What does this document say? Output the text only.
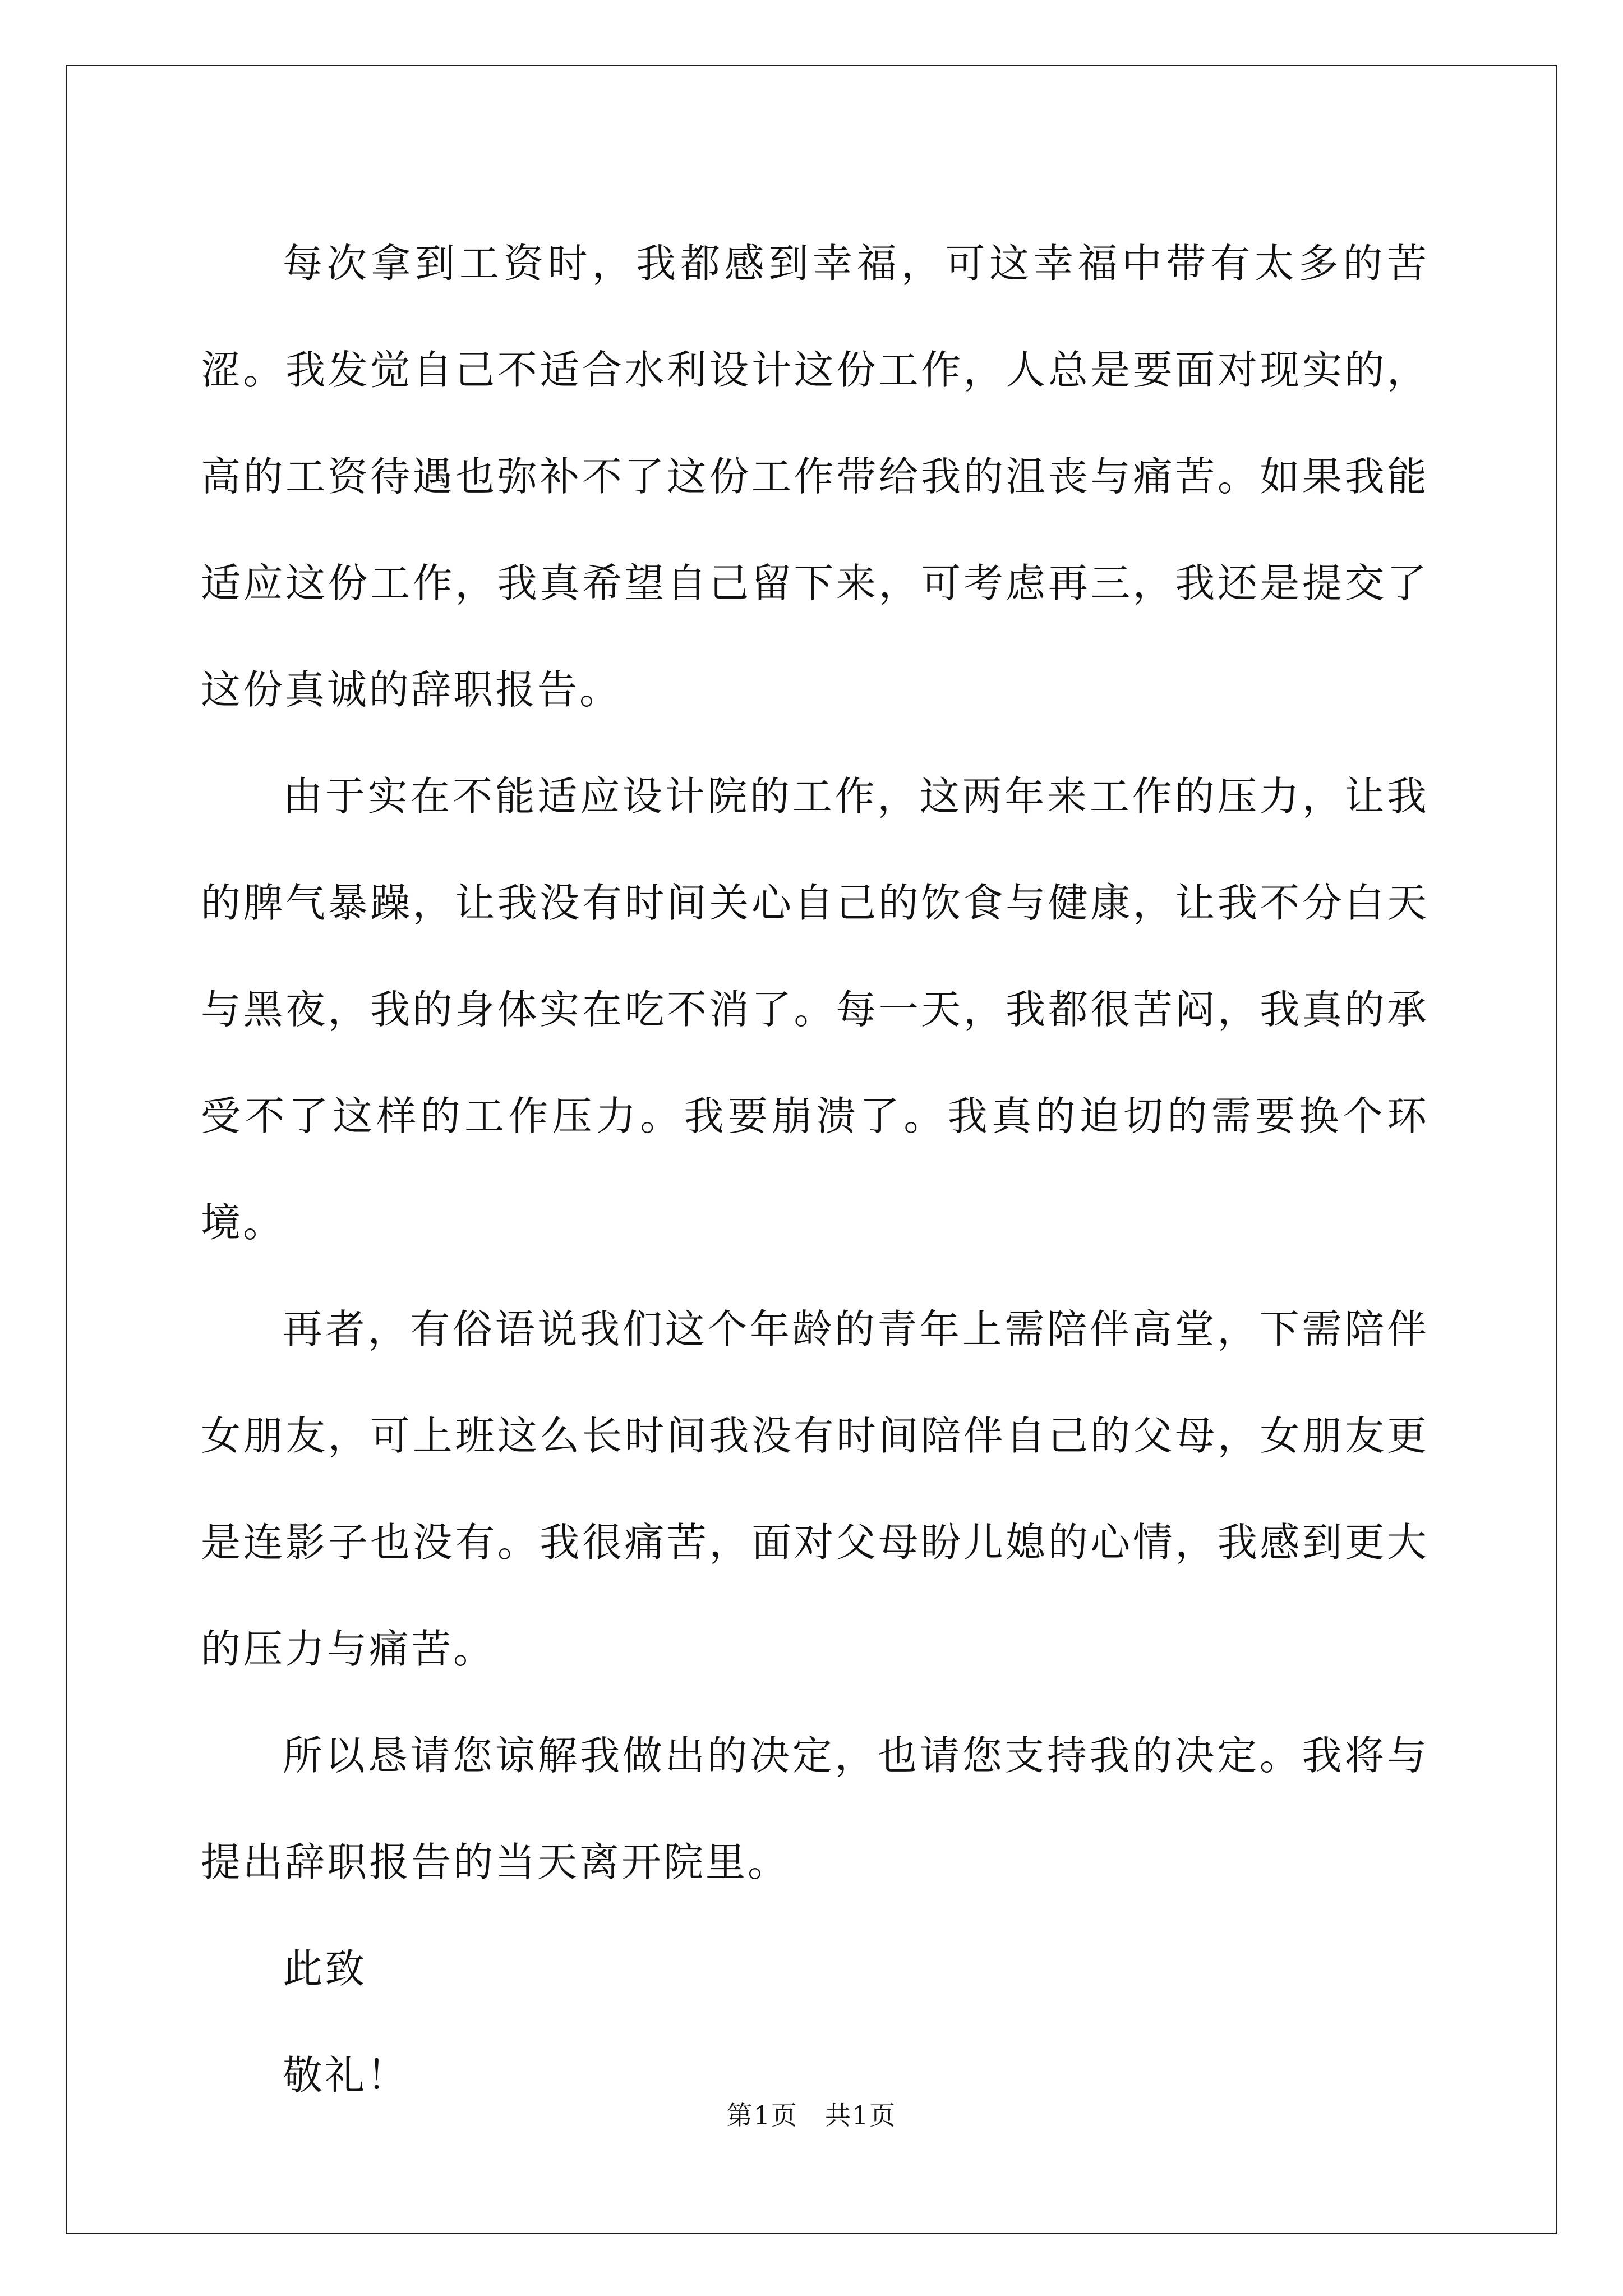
每次拿到工资时，我都感到幸福，可这幸福中带有太多的苦涩。我发觉自己不适合水利设计这份工作，人总是要面对现实的，高的工资待遇也弥补不了这份工作带给我的沮丧与痛苦。如果我能适应这份工作，我真希望自己留下来，可考虑再三，我还是提交了这份真诚的辞职报告。

由于实在不能适应设计院的工作，这两年来工作的压力，让我的脾气暴躁，让我没有时间关心自己的饮食与健康，让我不分白天与黑夜，我的身体实在吃不消了。每一天，我都很苦闷，我真的承受不了这样的工作压力。我要崩溃了。我真的迫切的需要换个环境。

再者，有俗语说我们这个年龄的青年上需陪伴高堂，下需陪伴女朋友，可上班这么长时间我没有时间陪伴自己的父母，女朋友更是连影子也没有。我很痛苦，面对父母盼儿媳的心情，我感到更大的压力与痛苦。

所以恳请您谅解我做出的决定，也请您支持我的决定。我将与提出辞职报告的当天离开院里。

此致

敬礼！

第1页　共1页
